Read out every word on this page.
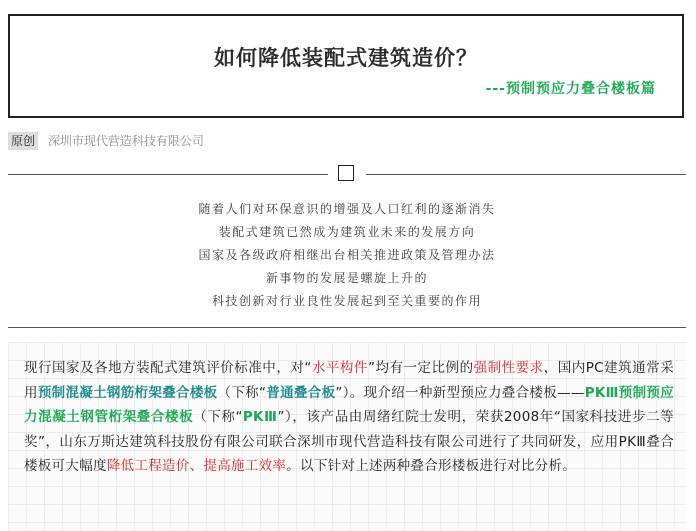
如何降低装配式建筑造价？
---预制预应力叠合楼板篇
原创 深圳市现代营造科技有限公司
随着人们对环保意识的增强及人口红利的逐渐消失
装配式建筑已然成为建筑业未来的发展方向
国家及各级政府相继出台相关推进政策及管理办法
新事物的发展是螺旋上升的
科技创新对行业良性发展起到至关重要的作用
现行国家及各地方装配式建筑评价标准中，对“水平构件”均有一定比例的强制性要求，国内PC建筑通常采用预制混凝土钢筋桁架叠合楼板（下称“普通叠合板”）。现介绍一种新型预应力叠合楼板——PKⅢ预制预应力混凝土钢管桁架叠合楼板（下称“PKⅢ”），该产品由周绪红院士发明，荣获2008年“国家科技进步二等奖”，山东万斯达建筑科技股份有限公司联合深圳市现代营造科技有限公司进行了共同研发，应用PKⅢ叠合楼板可大幅度降低工程造价、提高施工效率。以下针对上述两种叠合形楼板进行对比分析。
